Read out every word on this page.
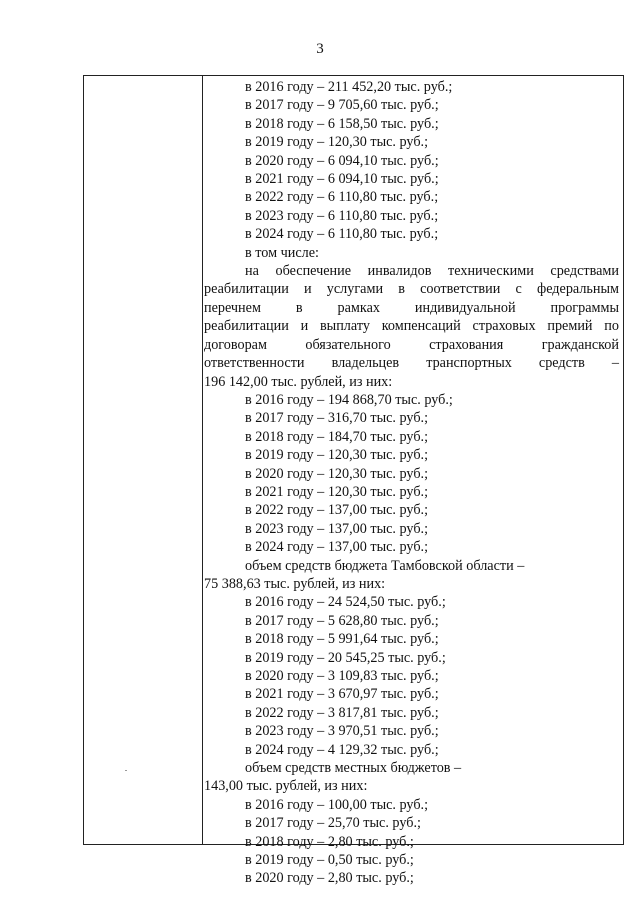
3
в 2016 году – 211 452,20 тыс. руб.;
в 2017 году – 9 705,60 тыс. руб.;
в 2018 году – 6 158,50 тыс. руб.;
в 2019 году – 120,30 тыс. руб.;
в 2020 году – 6 094,10 тыс. руб.;
в 2021 году – 6 094,10 тыс. руб.;
в 2022 году – 6 110,80 тыс. руб.;
в 2023 году – 6 110,80 тыс. руб.;
в 2024 году – 6 110,80 тыс. руб.;
в том числе:
на обеспечение инвалидов техническими средствами
реабилитации и услугами в соответствии с федеральным
перечнем в рамках индивидуальной программы
реабилитации и выплату компенсаций страховых премий по
договорам обязательного страхования гражданской
ответственности владельцев транспортных средств –
196 142,00 тыс. рублей, из них:
в 2016 году – 194 868,70 тыс. руб.;
в 2017 году – 316,70 тыс. руб.;
в 2018 году – 184,70 тыс. руб.;
в 2019 году – 120,30 тыс. руб.;
в 2020 году – 120,30 тыс. руб.;
в 2021 году – 120,30 тыс. руб.;
в 2022 году – 137,00 тыс. руб.;
в 2023 году – 137,00 тыс. руб.;
в 2024 году – 137,00 тыс. руб.;
объем средств бюджета Тамбовской области –
75 388,63 тыс. рублей, из них:
в 2016 году – 24 524,50 тыс. руб.;
в 2017 году – 5 628,80 тыс. руб.;
в 2018 году – 5 991,64 тыс. руб.;
в 2019 году – 20 545,25 тыс. руб.;
в 2020 году – 3 109,83 тыс. руб.;
в 2021 году – 3 670,97 тыс. руб.;
в 2022 году – 3 817,81 тыс. руб.;
в 2023 году – 3 970,51 тыс. руб.;
в 2024 году – 4 129,32 тыс. руб.;
объем средств местных бюджетов –
143,00 тыс. рублей, из них:
в 2016 году – 100,00 тыс. руб.;
в 2017 году – 25,70 тыс. руб.;
в 2018 году – 2,80 тыс. руб.;
в 2019 году – 0,50 тыс. руб.;
в 2020 году – 2,80 тыс. руб.;
